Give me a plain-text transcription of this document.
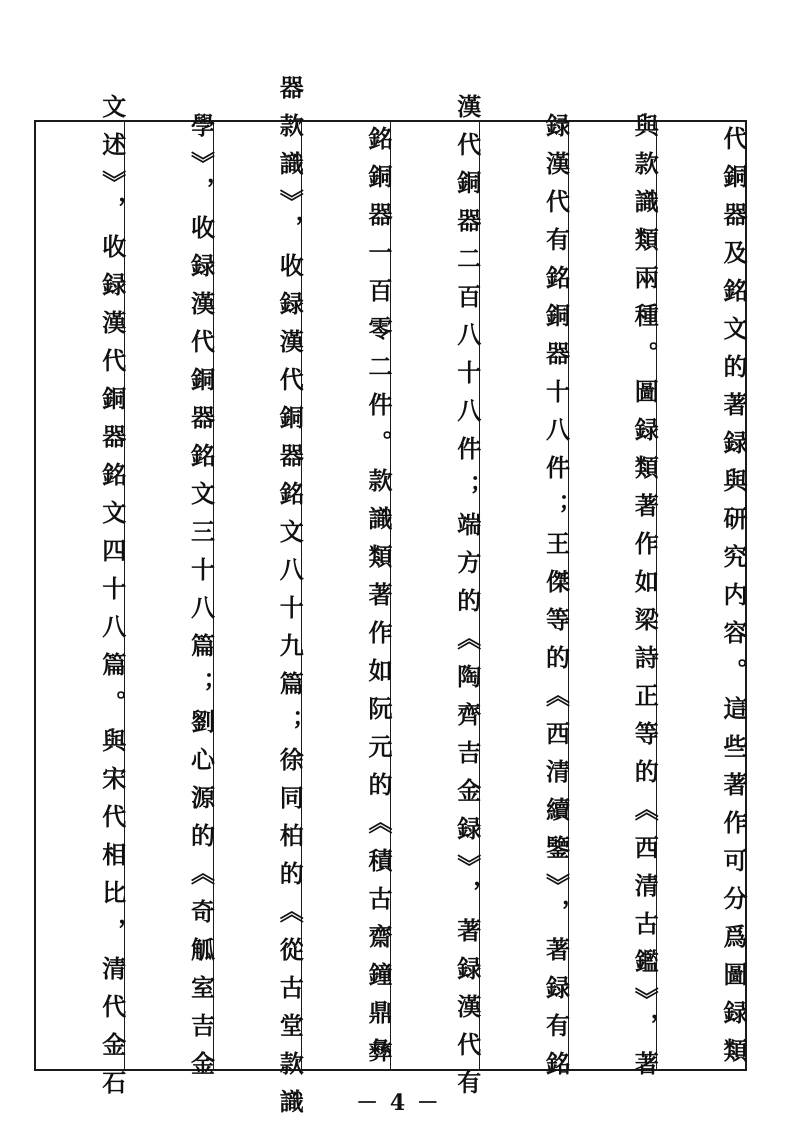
代銅器及銘文的著録與研究内容。這些著作可分爲圖録類
與款識類兩種。圖録類著作如梁詩正等的《西清古鑑》，著
録漢代有銘銅器十八件；王傑等的《西清續鑒》，著録有銘
漢代銅器二百八十八件；端方的《陶齊吉金録》，著録漢代有
銘銅器一百零二件。款識類著作如阮元的《積古齋鐘鼎彝
器款識》，收録漢代銅器銘文八十九篇；徐同柏的《從古堂款識
學》，收録漢代銅器銘文三十八篇；劉心源的《奇觚室吉金
文述》，收録漢代銅器銘文四十八篇。與宋代相比，清代金石	－ 4 －
